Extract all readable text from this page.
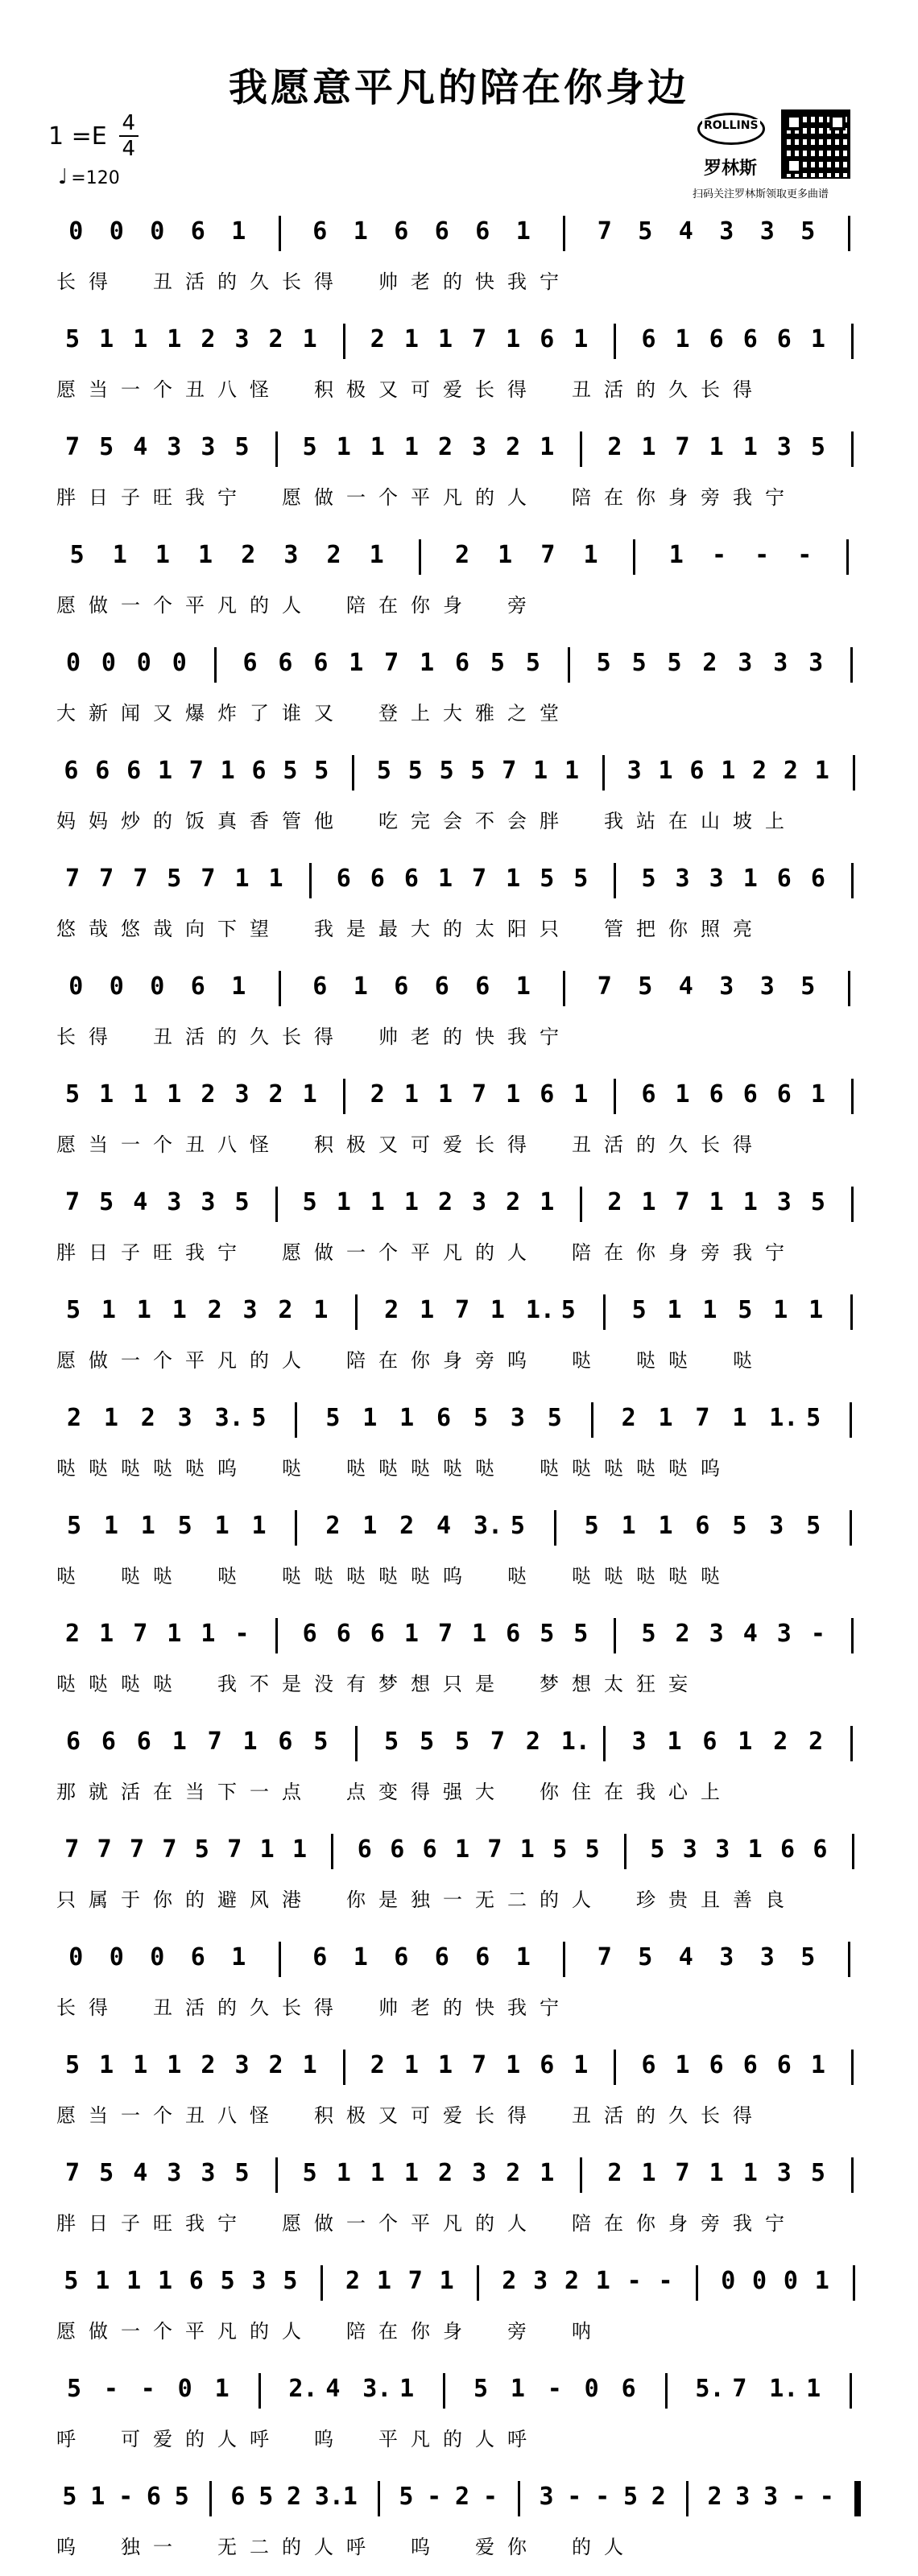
我愿意平凡的陪在你身边
$1 =E \frac{4}{4}$
♩ =120
ROLLINS
罗林斯
扫码关注罗林斯领取更多曲谱
0 0 0 6 1	6 1 6 6 6 1	7 5 4 3 3 5
长 得 丑 活 的 久 长 得 帅 老 的 快 我 宁
5 1 1 1 2 3 2 1 2 1 1 7 1 6 1 6 1 6 6 6 1
愿 当 一 个 丑 八 怪 积 极 又 可 爱 长 得 丑 活 的 久 长 得
7 5 4 3 3 5 5 1 1 1 2 3 2 1 2 1 7 1 1 3 5
胖 日 子 旺 我 宁 愿 做 一 个 平 凡 的 人 陪 在 你 身 旁 我 宁
5 1 1 1 2 3 2 1	2 1 7 1	1 - - -
愿 做 一 个 平 凡 的 人 陪 在 你 身 旁
0 0 0 0 6 6 6 1 7 1 6 5 5 5 5 5 2 3 3 3
大 新 闻 又 爆 炸 了 谁 又 登 上 大 雅 之 堂
6 6 6 1 7 1 6 5 5 5 5 5 5 7 1 1 3 1 6 1 2 2 1
妈 妈 炒 的 饭 真 香 管 他 吃 完 会 不 会 胖 我 站 在 山 坡 上
7 7 7 5 7 1 1 6 6 6 1 7 1 5 5 5 3 3 1 6 6
悠 哉 悠 哉 向 下 望 我 是 最 大 的 太 阳 只 管 把 你 照 亮
0 0 0 6 1	6 1 6 6 6 1	7 5 4 3 3 5
长 得 丑 活 的 久 长 得 帅 老 的 快 我 宁
5 1 1 1 2 3 2 1 2 1 1 7 1 6 1 6 1 6 6 6 1
愿 当 一 个 丑 八 怪 积 极 又 可 爱 长 得 丑 活 的 久 长 得
7 5 4 3 3 5 5 1 1 1 2 3 2 1 2 1 7 1 1 3 5
胖 日 子 旺 我 宁 愿 做 一 个 平 凡 的 人 陪 在 你 身 旁 我 宁
5 1 1 1 2 3 2 1 2 1 7 1 1. 5 5 1 1 5 1 1
愿 做 一 个 平 凡 的 人 陪 在 你 身 旁 呜 哒 哒 哒 哒
2 1 2 3 3. 5 5 1 1 6 5 3 5 2 1 7 1 1. 5
哒 哒 哒 哒 哒 呜 哒 哒 哒 哒 哒 哒 哒 哒 哒 哒 哒 呜
5 1 1 5 1 1 2 1 2 4 3. 5 5 1 1 6 5 3 5
哒 哒 哒 哒 哒 哒 哒 哒 哒 呜 哒 哒 哒 哒 哒 哒
2 1 7 1 1 - 6 6 6 1 7 1 6 5 5 5 2 3 4 3 -
哒 哒 哒 哒 我 不 是 没 有 梦 想 只 是 梦 想 太 狂 妄
6 6 6 1 7 1 6 5 5 5 5 7 2 1. 3 1 6 1 2 2
那 就 活 在 当 下 一 点 点 变 得 强 大 你 住 在 我 心 上
7 7 7 7 5 7 1 1 6 6 6 1 7 1 5 5 5 3 3 1 6 6
只 属 于 你 的 避 风 港 你 是 独 一 无 二 的 人 珍 贵 且 善 良
0 0 0 6 1	6 1 6 6 6 1	7 5 4 3 3 5
长 得 丑 活 的 久 长 得 帅 老 的 快 我 宁
5 1 1 1 2 3 2 1 2 1 1 7 1 6 1 6 1 6 6 6 1
愿 当 一 个 丑 八 怪 积 极 又 可 爱 长 得 丑 活 的 久 长 得
7 5 4 3 3 5 5 1 1 1 2 3 2 1 2 1 7 1 1 3 5
胖 日 子 旺 我 宁 愿 做 一 个 平 凡 的 人 陪 在 你 身 旁 我 宁
5 1 1 1 6 5 3 5 2 1 7 1 2 3 2 1 - - 0 0 0 1
愿 做 一 个 平 凡 的 人 陪 在 你 身 旁 呐
5 - - 0 1 2. 4 3. 1 5 1 - 0 6 5. 7 1. 1
呼 可 爱 的 人 呼 呜 平 凡 的 人 呼
5 1 - 6 5 6 5 2 3.
1 5 - 2 - 3 - - 5 2 2 3 3 - -
呜 独 一 无 二 的 人 呼 呜 爱 你 的 人
